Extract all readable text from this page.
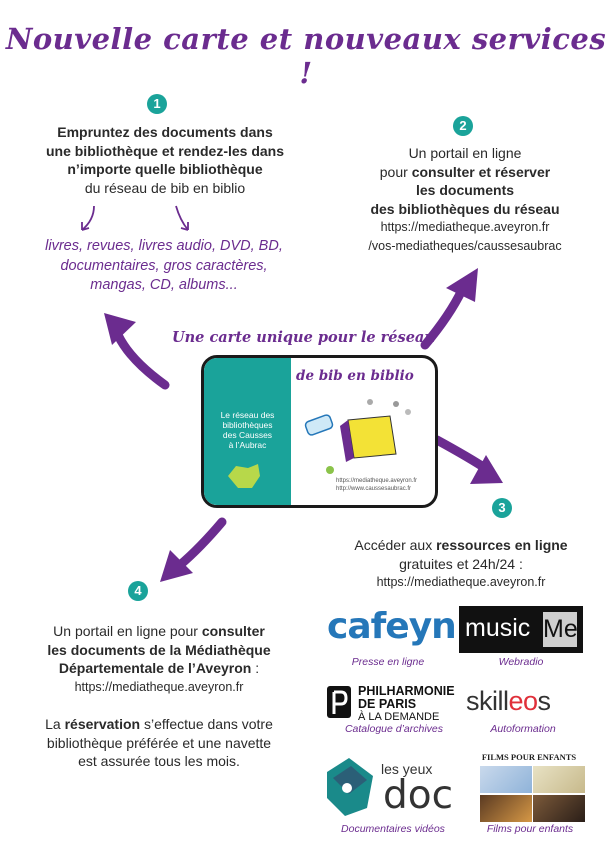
Nouvelle carte et nouveaux services !
1
Empruntez des documents dans
une bibliothèque et rendez-les dans
n’importe quelle bibliothèque
du réseau de bib en biblio
livres, revues, livres audio, DVD, BD,
documentaires, gros caractères,
mangas, CD, albums...
2
Un portail en ligne
pour consulter et réserver
les documents
des bibliothèques du réseau
https://mediatheque.aveyron.fr
/vos-mediatheques/caussesaubrac
Une carte unique pour le réseau
Le réseau des
bibliothèques
des Causses
à l’Aubrac
de bib en biblio
https://mediatheque.aveyron.fr
http://www.caussesaubrac.fr
3
Accéder aux ressources en ligne
gratuites et 24h/24 :
https://mediatheque.aveyron.fr
4
Un portail en ligne pour consulter
les documents de la Médiathèque
Départementale de l’Aveyron :
https://mediatheque.aveyron.fr
La réservation s’effectue dans votre
bibliothèque préférée et une navette
est assurée tous les mois.
cafeyn
Presse en ligne
music Me
Webradio
PHILHARMONIE
DE PARIS
À LA DEMANDE
Catalogue d’archives
skilleos
Autoformation
les yeux
doc
Documentaires vidéos
FILMS POUR ENFANTS
Films pour enfants
